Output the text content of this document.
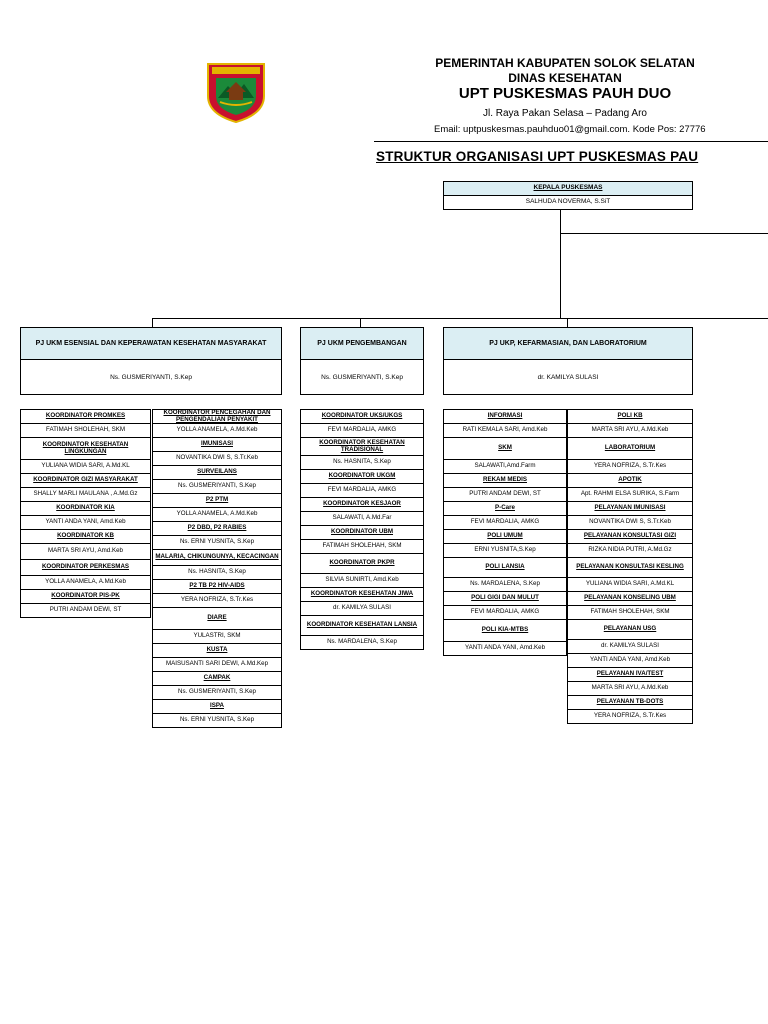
PEMERINTAH KABUPATEN SOLOK SELATAN
DINAS KESEHATAN
UPT PUSKESMAS PAUH DUO
Jl. Raya Pakan Selasa – Padang Aro
Email: uptpuskesmas.pauhduo01@gmail.com. Kode Pos: 27776
STRUKTUR ORGANISASI UPT PUSKESMAS PAU
KEPALA PUSKESMAS
SALHUDA NOVERMA, S.SiT
PJ UKM ESENSIAL DAN KEPERAWATAN KESEHATAN MASYARAKAT
Ns. GUSMERIYANTI, S.Kep
PJ UKM PENGEMBANGAN
Ns. GUSMERIYANTI, S.Kep
PJ UKP, KEFARMASIAN, DAN LABORATORIUM
dr. KAMILYA SULASI
KOORDINATOR PROMKES
FATIMAH SHOLEHAH, SKM
KOORDINATOR KESEHATAN LINGKUNGAN
YULIANA WIDIA SARI, A.Md.KL
KOORDINATOR GIZI MASYARAKAT
SHALLY MARLI MAULANA , A.Md.Gz
KOORDINATOR KIA
YANTI ANDA YANI, Amd.Keb
KOORDINATOR KB
MARTA SRI AYU, Amd.Keb
KOORDINATOR PERKESMAS
YOLLA ANAMELA, A.Md.Keb
KOORDINATOR PIS-PK
PUTRI ANDAM DEWI, ST
KOORDINATOR PENCEGAHAN DAN PENGENDALIAN PENYAKIT
YOLLA ANAMELA, A.Md.Keb
IMUNISASI
NOVANTIKA DWI S, S.Tr.Keb
SURVEILANS
Ns. GUSMERIYANTI, S.Kep
P2 PTM
YOLLA ANAMELA, A.Md.Keb
P2 DBD, P2 RABIES
Ns. ERNI YUSNITA, S.Kep
MALARIA, CHIKUNGUNYA, KECACINGAN
Ns. HASNITA, S.Kep
P2 TB P2 HIV-AIDS
YERA NOFRIZA, S.Tr.Kes
DIARE
YULASTRI, SKM
KUSTA
MAISUSANTI SARI DEWI, A.Md.Kep
CAMPAK
Ns. GUSMERIYANTI, S.Kep
ISPA
Ns. ERNI YUSNITA, S.Kep
KOORDINATOR UKS/UKGS
FEVI MARDALIA, AMKG
KOORDINATOR KESEHATAN TRADISIONAL
Ns. HASNITA, S.Kep
KOORDINATOR UKGM
FEVI MARDALIA, AMKG
KOORDINATOR KESJAOR
SALAWATI, A.Md.Far
KOORDINATOR UBM
FATIMAH SHOLEHAH, SKM
KOORDINATOR PKPR
SILVIA SUNIRTI, Amd.Keb
KOORDINATOR KESEHATAN JIWA
dr. KAMILYA SULASI
KOORDINATOR KESEHATAN LANSIA
Ns. MARDALENA, S.Kep
INFORMASI
RATI KEMALA SARI, Amd.Keb
SKM
SALAWATI,Amd.Farm
REKAM MEDIS
PUTRI ANDAM DEWI, ST
P-Care
FEVI MARDALIA, AMKG
POLI UMUM
ERNI YUSNITA,S.Kep
POLI LANSIA
Ns. MARDALENA, S.Kep
POLI GIGI DAN MULUT
FEVI MARDALIA, AMKG
POLI KIA-MTBS
YANTI ANDA YANI, Amd.Keb
POLI KB
MARTA SRI AYU, A.Md.Keb
LABORATORIUM
YERA NOFRIZA, S.Tr.Kes
APOTIK
Apt. RAHMI ELSA SURIKA, S.Farm
PELAYANAN IMUNISASI
NOVANTIKA DWI S, S.Tr.Keb
PELAYANAN KONSULTASI GIZI
RIZKA NIDIA PUTRI, A.Md.Gz
PELAYANAN KONSULTASI KESLING
YULIANA WIDIA SARI, A.Md.KL
PELAYANAN KONSELING UBM
FATIMAH SHOLEHAH, SKM
PELAYANAN USG
dr. KAMILYA SULASI
YANTI ANDA YANI, Amd.Keb
PELAYANAN IVA/TEST
MARTA SRI AYU, A.Md.Keb
PELAYANAN TB-DOTS
YERA NOFRIZA, S.Tr.Kes
